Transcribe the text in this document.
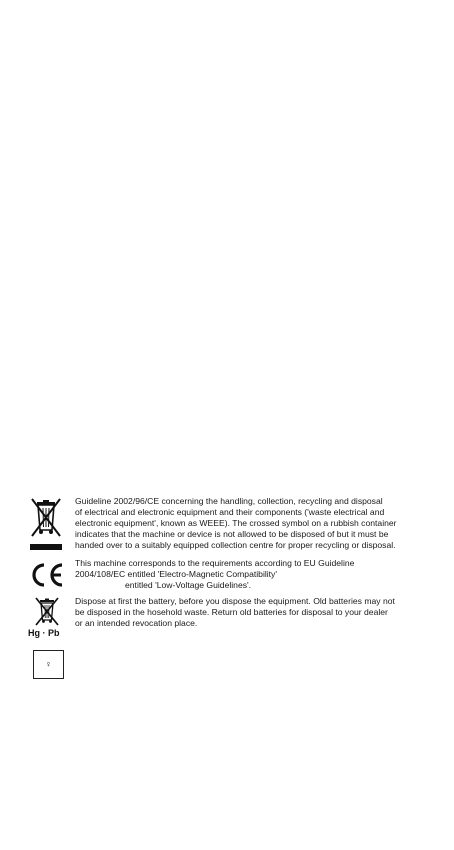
Guideline 2002/96/CE concerning the handling, collection, recycling and disposal
of electrical and electronic equipment and their components ('waste electrical and
electronic equipment', known as WEEE). The crossed symbol on a rubbish container
indicates that the machine or device is not allowed to be disposed of but it must be
handed over to a suitably equipped collection centre for proper recycling or disposal.
This machine corresponds to the requirements according to EU Guideline
2004/108/EC entitled 'Electro-Magnetic Compatibility'
entitled 'Low-Voltage Guidelines'.
Hg · Pb
Dispose at first the battery, before you dispose the equipment. Old batteries may not
be disposed in the hosehold waste. Return old batteries for disposal to your dealer
or an intended revocation place.
♀
